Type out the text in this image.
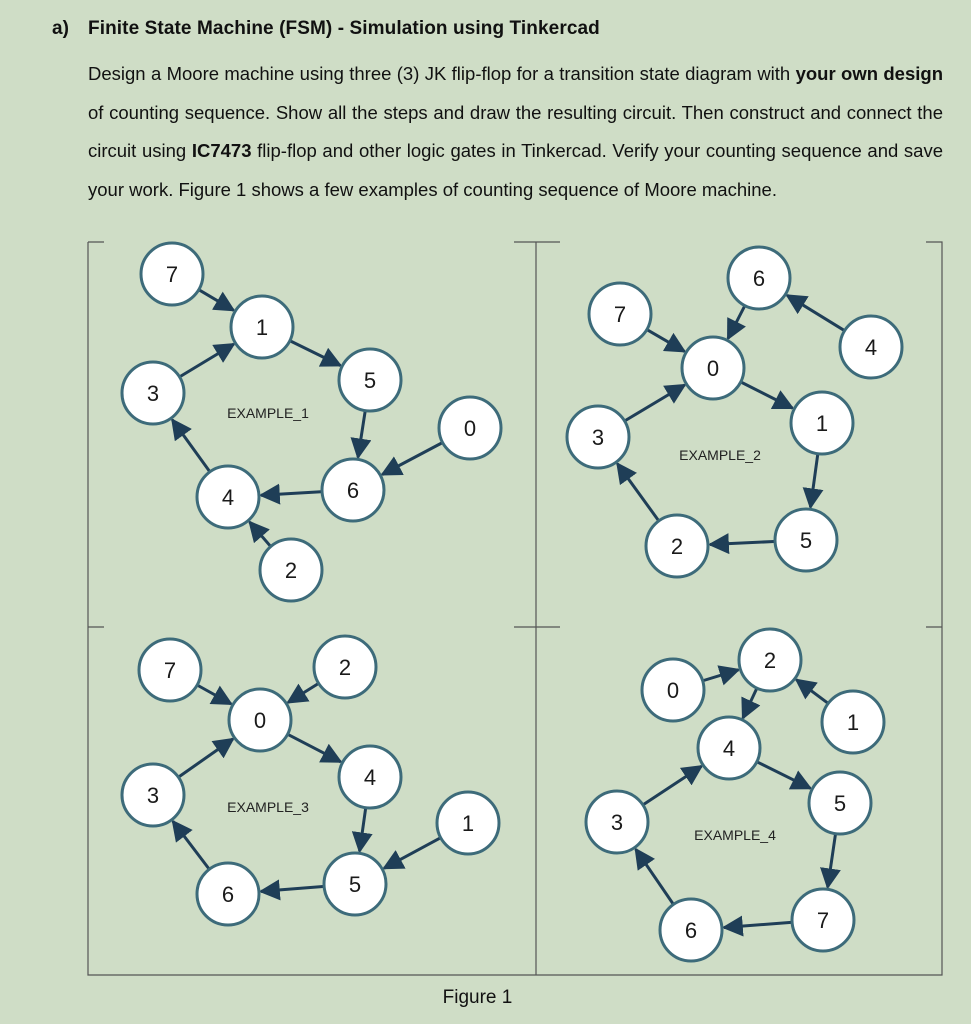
a) Finite State Machine (FSM) - Simulation using Tinkercad
Design a Moore machine using three (3) JK flip-flop for a transition state diagram with your own design of counting sequence. Show all the steps and draw the resulting circuit. Then construct and connect the circuit using IC7473 flip-flop and other logic gates in Tinkercad. Verify your counting sequence and save your work. Figure 1 shows a few examples of counting sequence of Moore machine.
7
1
5
6
4
3
0
2
EXAMPLE_1
7
0
1
5
2
3
6
4
EXAMPLE_2
7
0
4
5
6
3
2
1
EXAMPLE_3
0
2
4
5
7
6
3
1
EXAMPLE_4
Figure 1
